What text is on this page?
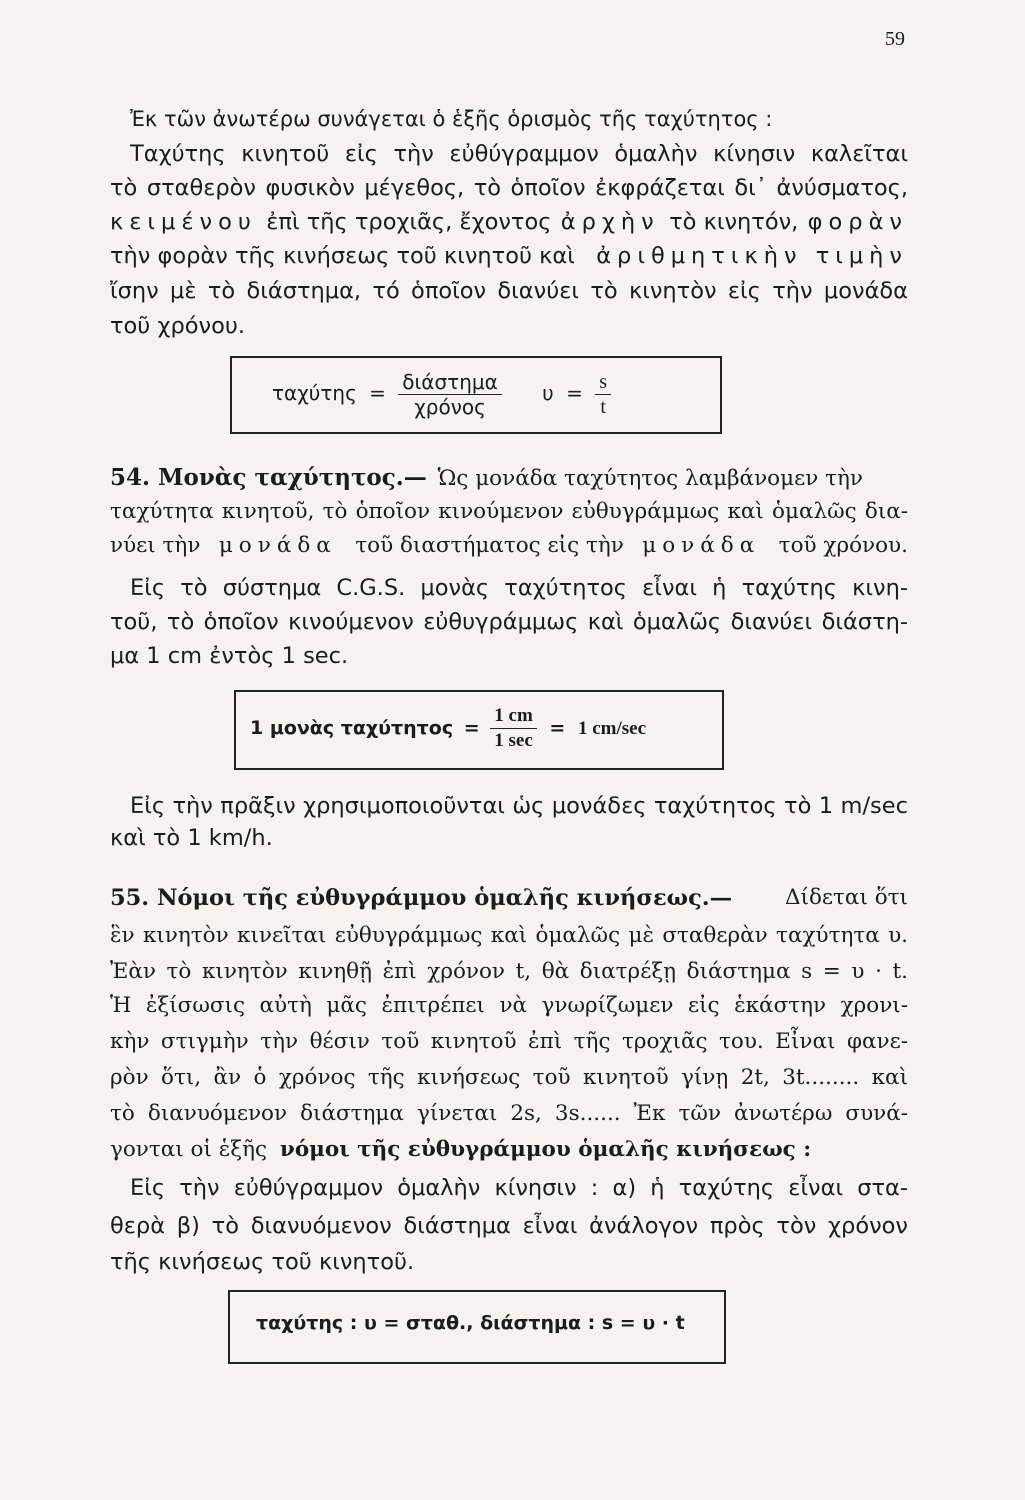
59
Ἐκ τῶν ἀνωτέρω συνάγεται ὁ ἑξῆς ὁρισμὸς τῆς ταχύτητος :
Ταχύτης κινητοῦ εἰς τὴν εὐθύγραμμον ὁμαλὴν κίνησιν καλεῖται
τὸ σταθερὸν φυσικὸν μέγεθος, τὸ ὁποῖον ἐκφράζεται δι᾽ ἀνύσματος,
κειμένου ἐπὶ τῆς τροχιᾶς, ἔχοντος ἀρχὴν τὸ κινητόν, φορὰν
τὴν φορὰν τῆς κινήσεως τοῦ κινητοῦ καὶ ἀριθμητικὴν τιμὴν
ἴσην μὲ τὸ διάστημα, τό ὁποῖον διανύει τὸ κινητὸν εἰς τὴν μονάδα
τοῦ χρόνου.
$\tau\alpha\chi ύ\tau\eta\varsigma = \frac{\text{διάστημα}}{\text{χρόνος}}$ $\upsilon = \frac{s}{t}$
54. Μονὰς ταχύτητος.— Ὡς μονάδα ταχύτητος λαμβάνομεν τὴν
ταχύτητα κινητοῦ, τὸ ὁποῖον κινούμενον εὐθυγράμμως καὶ ὁμαλῶς δια-
νύει τὴν μονάδα τοῦ διαστήματος εἰς τὴν μονάδα τοῦ χρόνου.
Εἰς τὸ σύστημα C.G.S. μονὰς ταχύτητος εἶναι ἡ ταχύτης κινη-
τοῦ, τὸ ὁποῖον κινούμενον εὐθυγράμμως καὶ ὁμαλῶς διανύει διάστη-
μα 1 cm ἐντὸς 1 sec.
1 μονὰς $\tau\alpha\chi ύ\tau\eta\tau o\varsigma = \frac{1 cm}{1 \sec} = 1$ cm/sec
Εἰς τὴν πρᾶξιν χρησιμοποιοῦνται ὡς μονάδες ταχύτητος τὸ 1 m/sec
καὶ τὸ 1 km/h.
55. Νόμοι τῆς εὐθυγράμμου ὁμαλῆς κινήσεως.— Δίδεται ὅτι
ἓν κινητὸν κινεῖται εὐθυγράμμως καὶ ὁμαλῶς μὲ σταθερὰν ταχύτητα υ.
Ἐὰν τὸ κινητὸν κινηθῇ ἐπὶ χρόνον t, θὰ διατρέξῃ διάστημα s = υ · t.
Ἡ ἐξίσωσις αὐτὴ μᾶς ἐπιτρέπει νὰ γνωρίζωμεν εἰς ἑκάστην χρονι-
κὴν στιγμὴν τὴν θέσιν τοῦ κινητοῦ ἐπὶ τῆς τροχιᾶς του. Εἶναι φανε-
ρὸν ὅτι, ἂν ὁ χρόνος τῆς κινήσεως τοῦ κινητοῦ γίνῃ 2t, 3t........ καὶ
τὸ διανυόμενον διάστημα γίνεται 2s, 3s...... Ἐκ τῶν ἀνωτέρω συνά-
γονται οἱ ἑξῆς νόμοι τῆς εὐθυγράμμου ὁμαλῆς κινήσεως :
Εἰς τὴν εὐθύγραμμον ὁμαλὴν κίνησιν : α) ἡ ταχύτης εἶναι στα-
θερὰ β) τὸ διανυόμενον διάστημα εἶναι ἀνάλογον πρὸς τὸν χρόνον
τῆς κινήσεως τοῦ κινητοῦ.
ταχύτης : υ = σταθ., διάστημα : s = υ · t
